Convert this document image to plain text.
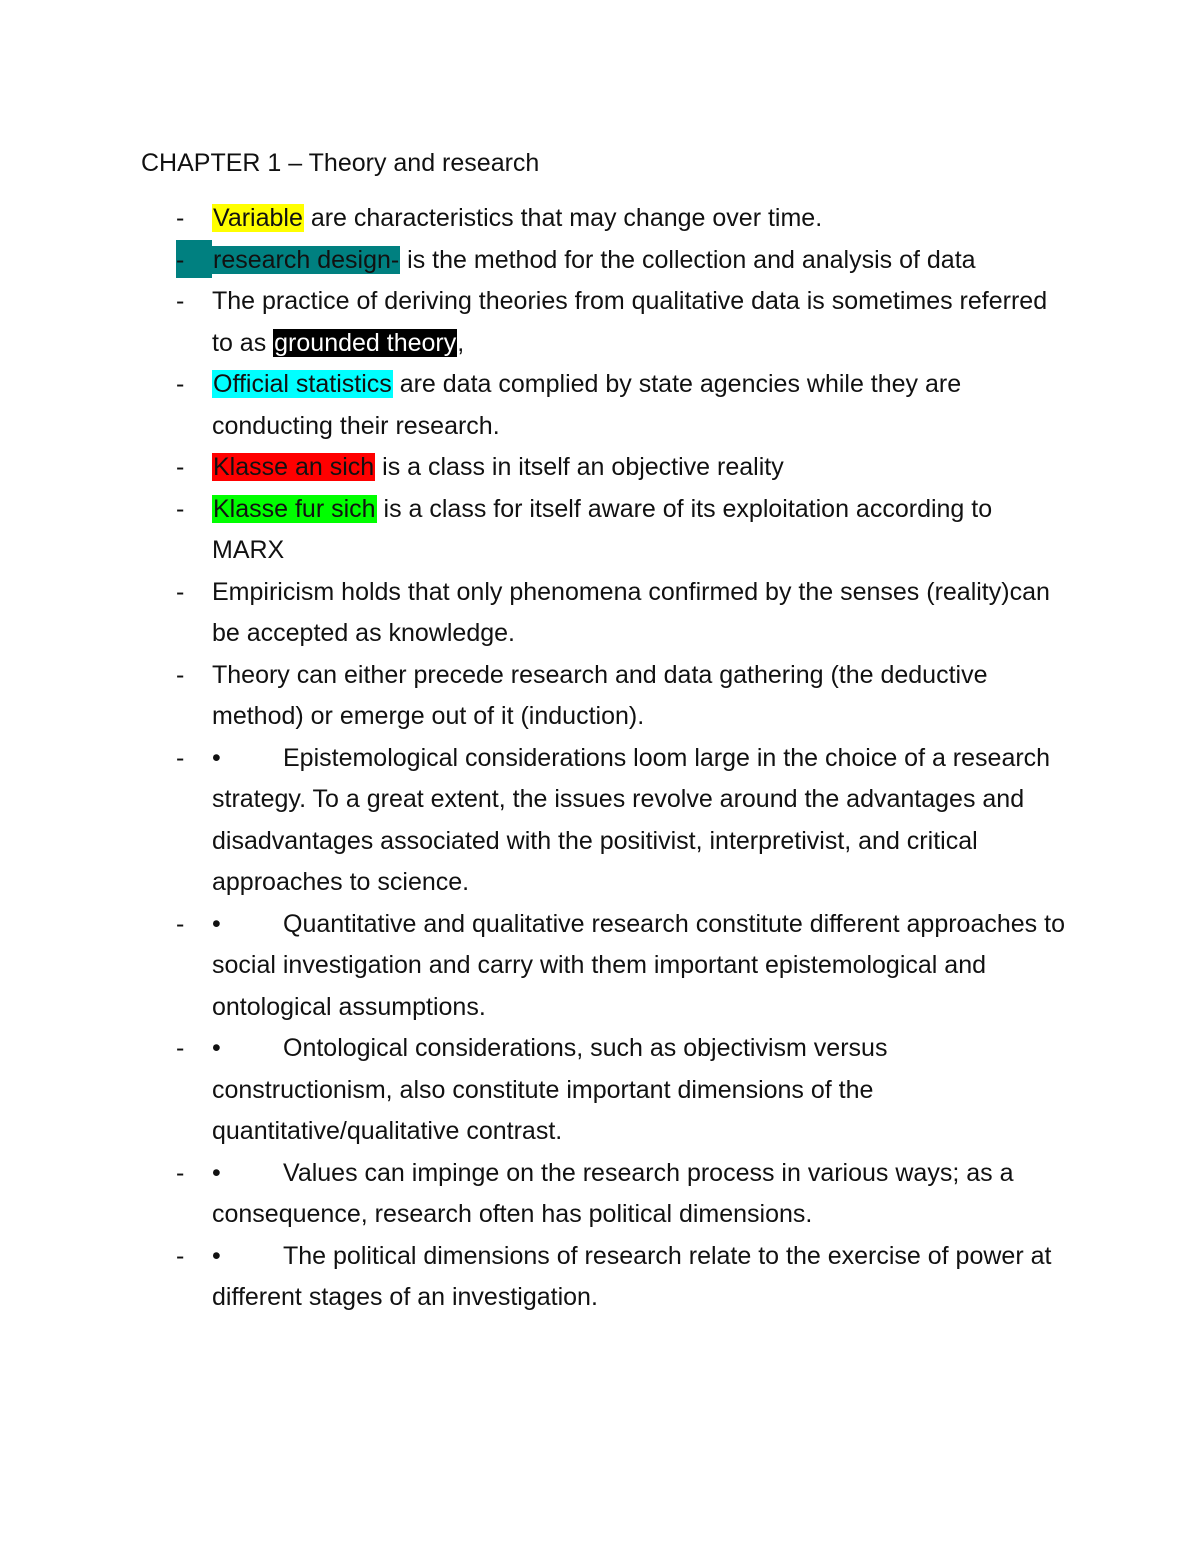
CHAPTER 1 – Theory and research
- Variable are characteristics that may change over time.
- research design- is the method for the collection and analysis of data
- The practice of deriving theories from qualitative data is sometimes referred to as grounded theory,
- Official statistics are data complied by state agencies while they are conducting their research.
- Klasse an sich is a class in itself an objective reality
- Klasse fur sich is a class for itself aware of its exploitation according to MARX
- Empiricism holds that only phenomena confirmed by the senses (reality)can be accepted as knowledge.
- Theory can either precede research and data gathering (the deductive method) or emerge out of it (induction).
- • Epistemological considerations loom large in the choice of a research strategy. To a great extent, the issues revolve around the advantages and disadvantages associated with the positivist, interpretivist, and critical approaches to science.
- • Quantitative and qualitative research constitute different approaches to social investigation and carry with them important epistemological and ontological assumptions.
- • Ontological considerations, such as objectivism versus constructionism, also constitute important dimensions of the quantitative/qualitative contrast.
- • Values can impinge on the research process in various ways; as a consequence, research often has political dimensions.
- • The political dimensions of research relate to the exercise of power at different stages of an investigation.
